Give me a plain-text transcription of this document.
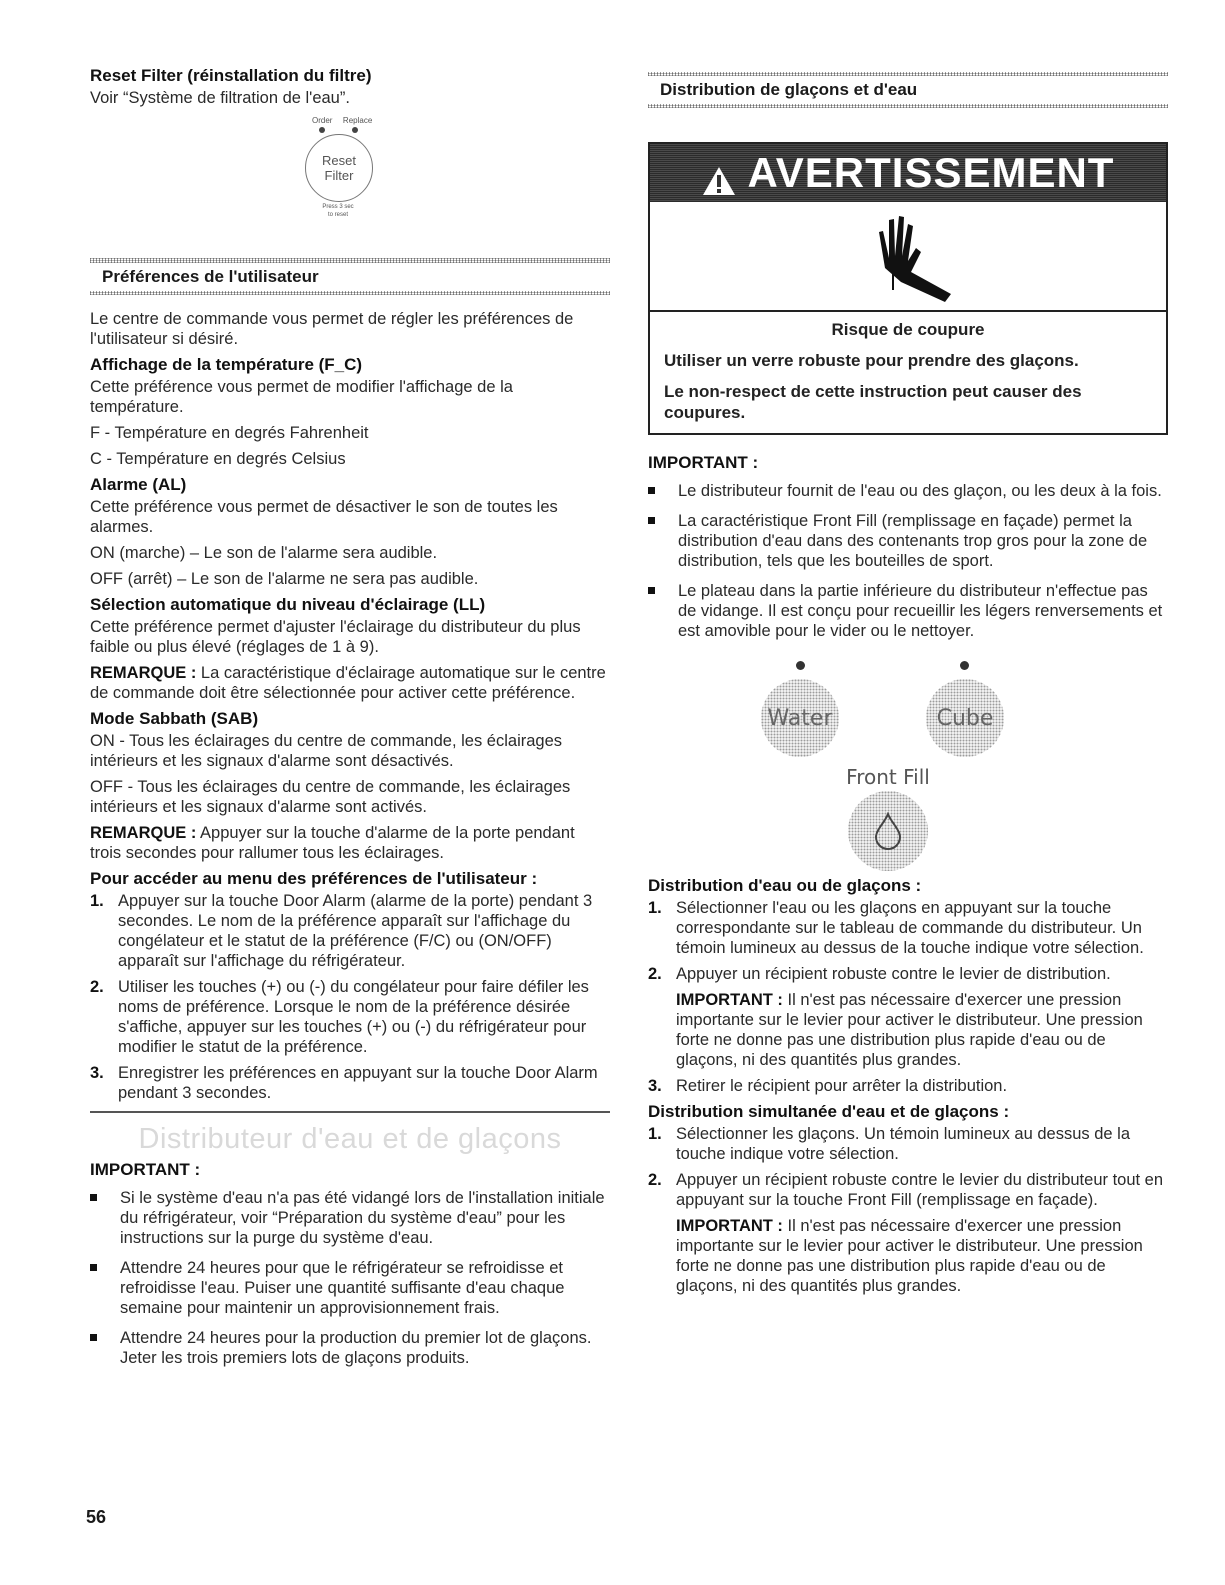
Reset Filter (réinstallation du filtre)
Voir “Système de filtration de l'eau”.
Order Replace
Reset
Filter
Press 3 sec
to reset
Préférences de l'utilisateur
Le centre de commande vous permet de régler les préférences de l'utilisateur si désiré.
Affichage de la température (F_C)
Cette préférence vous permet de modifier l'affichage de la température.
F - Température en degrés Fahrenheit
C - Température en degrés Celsius
Alarme (AL)
Cette préférence vous permet de désactiver le son de toutes les alarmes.
ON (marche) – Le son de l'alarme sera audible.
OFF (arrêt) – Le son de l'alarme ne sera pas audible.
Sélection automatique du niveau d'éclairage (LL)
Cette préférence permet d'ajuster l'éclairage du distributeur du plus faible ou plus élevé (réglages de 1 à 9).
REMARQUE : La caractéristique d'éclairage automatique sur le centre de commande doit être sélectionnée pour activer cette préférence.
Mode Sabbath (SAB)
ON - Tous les éclairages du centre de commande, les éclairages intérieurs et les signaux d'alarme sont désactivés.
OFF - Tous les éclairages du centre de commande, les éclairages intérieurs et les signaux d'alarme sont activés.
REMARQUE : Appuyer sur la touche d'alarme de la porte pendant trois secondes pour rallumer tous les éclairages.
Pour accéder au menu des préférences de l'utilisateur :
1. Appuyer sur la touche Door Alarm (alarme de la porte) pendant 3 secondes. Le nom de la préférence apparaît sur l'affichage du congélateur et le statut de la préférence (F/C) ou (ON/OFF) apparaît sur l'affichage du réfrigérateur.
2. Utiliser les touches (+) ou (-) du congélateur pour faire défiler les noms de préférence. Lorsque le nom de la préférence désirée s'affiche, appuyer sur les touches (+) ou (-) du réfrigérateur pour modifier le statut de la préférence.
3. Enregistrer les préférences en appuyant sur la touche Door Alarm pendant 3 secondes.
Distributeur d'eau et de glaçons
IMPORTANT :
Si le système d'eau n'a pas été vidangé lors de l'installation initiale du réfrigérateur, voir “Préparation du système d'eau” pour les instructions sur la purge du système d'eau.
Attendre 24 heures pour que le réfrigérateur se refroidisse et refroidisse l'eau. Puiser une quantité suffisante d'eau chaque semaine pour maintenir un approvisionnement frais.
Attendre 24 heures pour la production du premier lot de glaçons. Jeter les trois premiers lots de glaçons produits.
Distribution de glaçons et d'eau
AVERTISSEMENT
Risque de coupure
Utiliser un verre robuste pour prendre des glaçons.
Le non-respect de cette instruction peut causer des coupures.
IMPORTANT :
Le distributeur fournit de l'eau ou des glaçon, ou les deux à la fois.
La caractéristique Front Fill (remplissage en façade) permet la distribution d'eau dans des contenants trop gros pour la zone de distribution, tels que les bouteilles de sport.
Le plateau dans la partie inférieure du distributeur n'effectue pas de vidange. Il est conçu pour recueillir les légers renversements et est amovible pour le vider ou le nettoyer.
Water	Cube
Front Fill
Distribution d'eau ou de glaçons :
1. Sélectionner l'eau ou les glaçons en appuyant sur la touche correspondante sur le tableau de commande du distributeur. Un témoin lumineux au dessus de la touche indique votre sélection.
2. Appuyer un récipient robuste contre le levier de distribution.
IMPORTANT : Il n'est pas nécessaire d'exercer une pression importante sur le levier pour activer le distributeur. Une pression forte ne donne pas une distribution plus rapide d'eau ou de glaçons, ni des quantités plus grandes.
3. Retirer le récipient pour arrêter la distribution.
Distribution simultanée d'eau et de glaçons :
1. Sélectionner les glaçons. Un témoin lumineux au dessus de la touche indique votre sélection.
2. Appuyer un récipient robuste contre le levier du distributeur tout en appuyant sur la touche Front Fill (remplissage en façade).
IMPORTANT : Il n'est pas nécessaire d'exercer une pression importante sur le levier pour activer le distributeur. Une pression forte ne donne pas une distribution plus rapide d'eau ou de glaçons, ni des quantités plus grandes.
56
